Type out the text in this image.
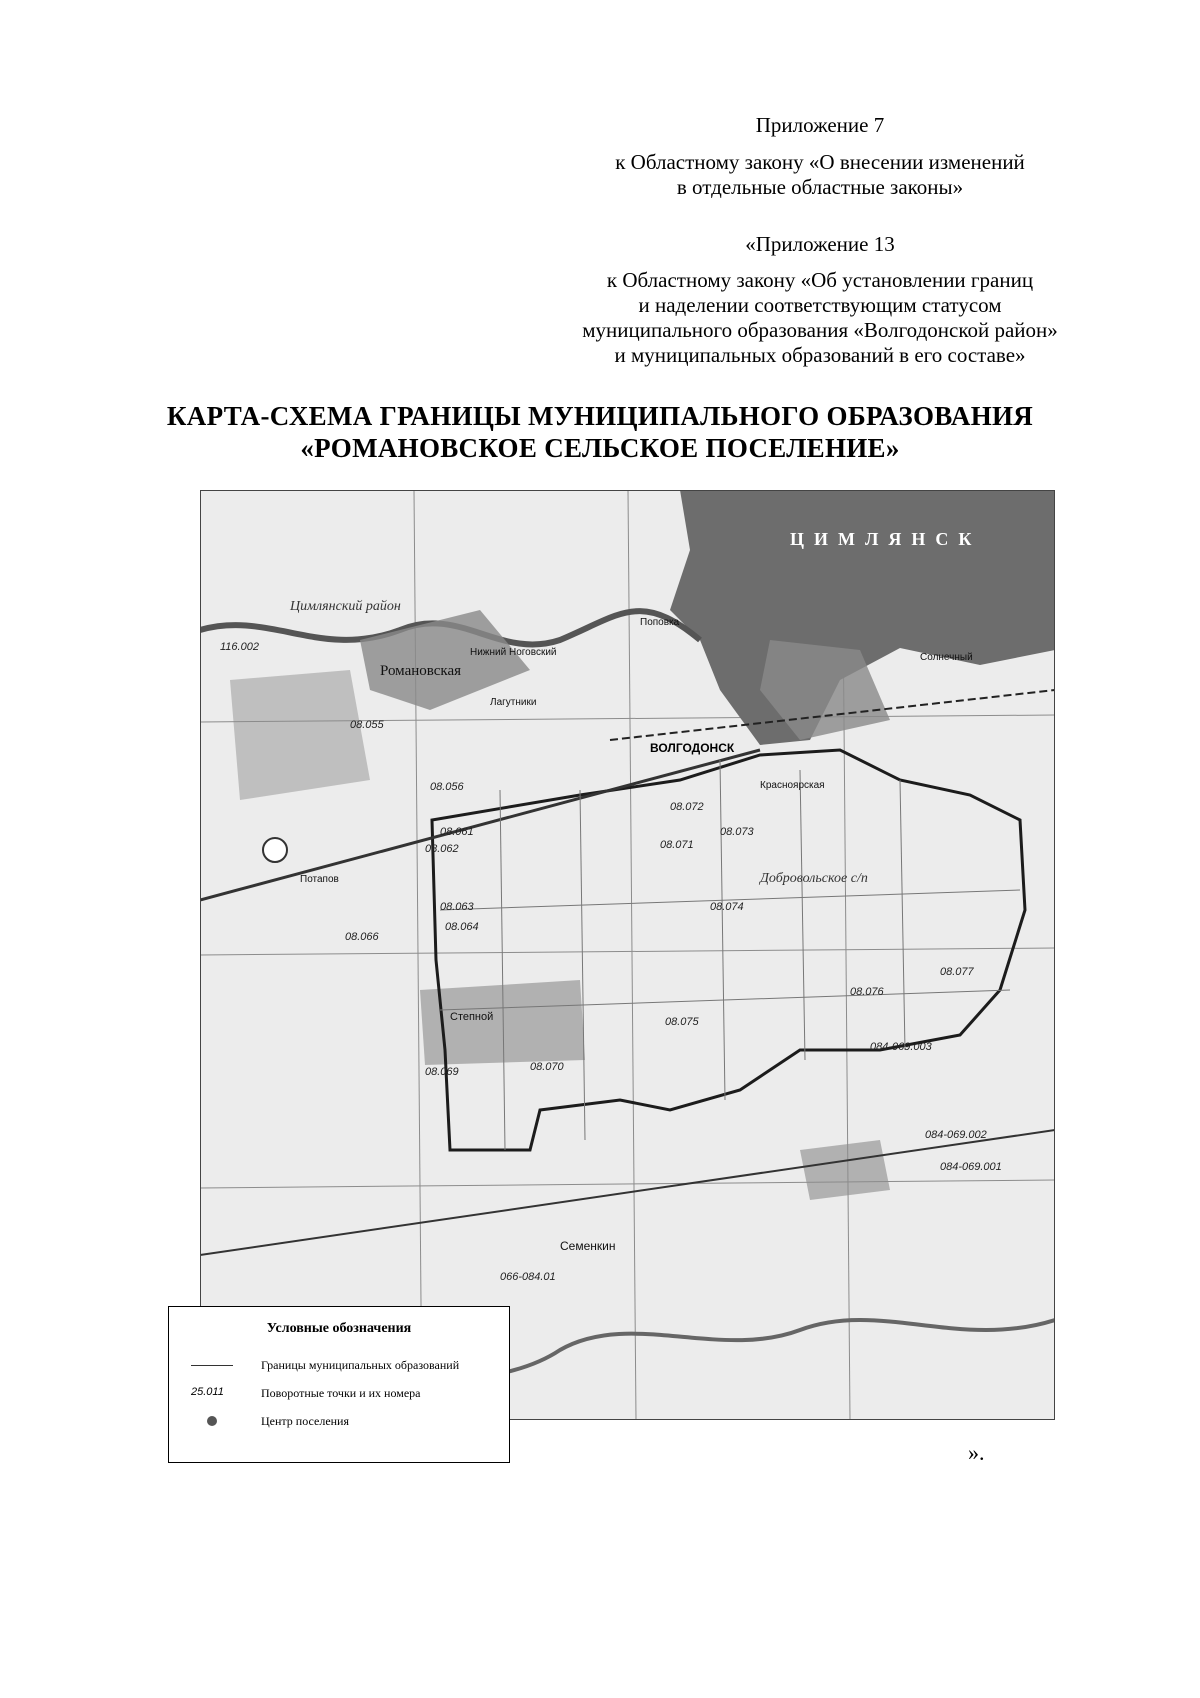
Приложение 7
к Областному закону «О внесении изменений
в отдельные областные законы»
«Приложение 13
к Областному закону «Об установлении границ
и наделении соответствующим статусом
муниципального образования «Волгодонской район»
и муниципальных образований в его составе»
КАРТА-СХЕМА ГРАНИЦЫ МУНИЦИПАЛЬНОГО ОБРАЗОВАНИЯ
«РОМАНОВСКОЕ СЕЛЬСКОЕ ПОСЕЛЕНИЕ»
ЦИМЛЯНСК
Цимлянский район
Романовская
Потапов
Степной
Семенкин
Нижний Ноговский
Поповка
Красноярская
Солнечный
Лагутники
ВОЛГОДОНСК
Добровольское с/п
08.055
08.056
08.061
08.062
08.063
08.064
08.066
08.069	08.070
08.071
08.072
08.073
08.074
08.075
08.076
08.077
084-069.002
084-069.001
084-069.003
066-084.01
116.002
Условные обозначения
Границы муниципальных образований
25.011	Поворотные точки и их номера
Центр поселения
».
